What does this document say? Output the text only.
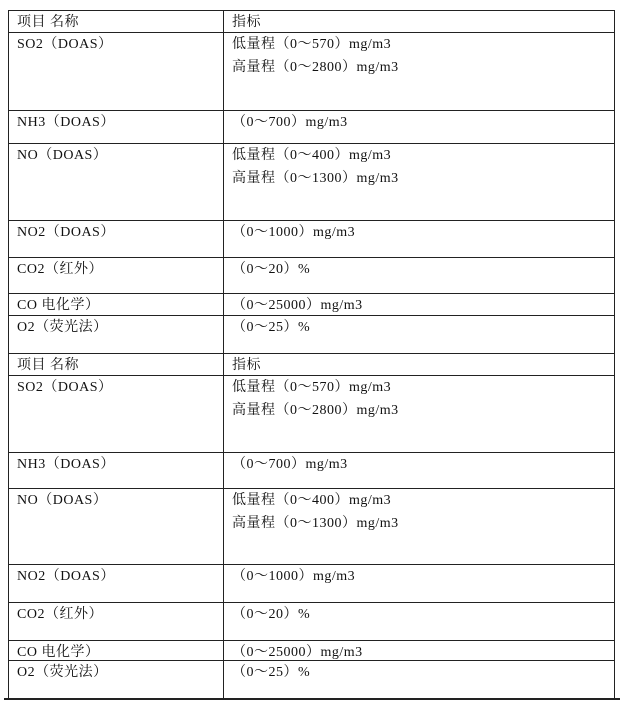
项目 名称	指标
SO2（DOAS）	低量程（0～570）mg/m3
高量程（0～2800）mg/m3
NH3（DOAS）	（0～700）mg/m3
NO（DOAS）	低量程（0～400）mg/m3
高量程（0～1300）mg/m3
NO2（DOAS）	（0～1000）mg/m3
CO2（红外）	（0～20）%
CO 电化学）	（0～25000）mg/m3
O2（荧光法）	（0～25）%
项目 名称	指标
SO2（DOAS）	低量程（0～570）mg/m3
高量程（0～2800）mg/m3
NH3（DOAS）	（0～700）mg/m3
NO（DOAS）	低量程（0～400）mg/m3
高量程（0～1300）mg/m3
NO2（DOAS）	（0～1000）mg/m3
CO2（红外）	（0～20）%
CO 电化学）	（0～25000）mg/m3
O2（荧光法）	（0～25）%
